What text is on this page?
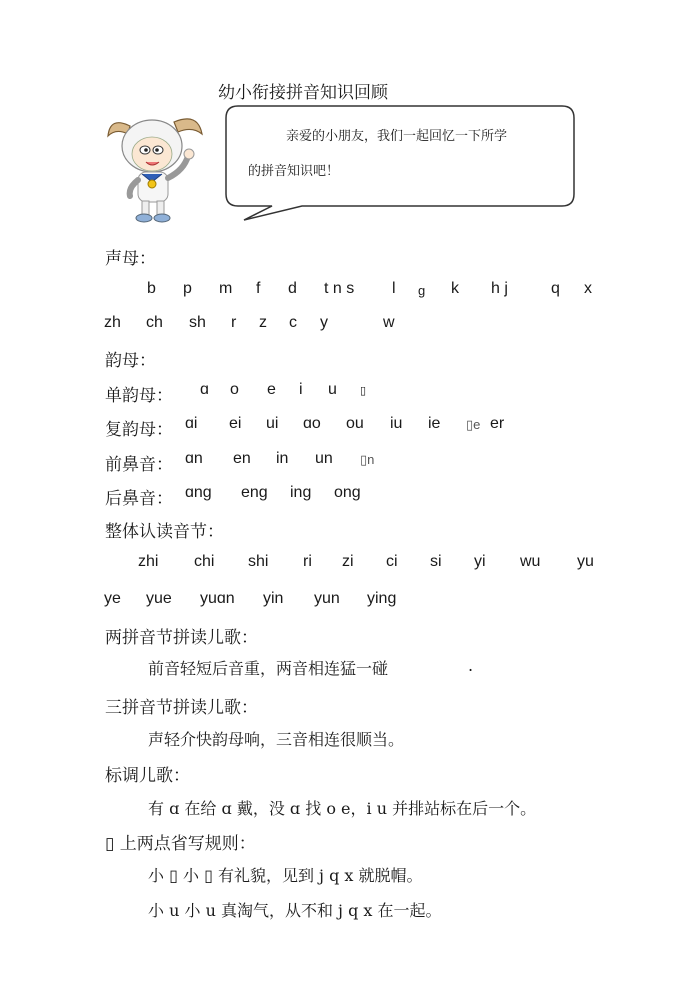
幼小衔接拼音知识回顾
亲爱的小朋友，我们一起回忆一下所学
的拼音知识吧！
声母：
b p m f d t n s l g k h j	q x
zh ch sh r z c y	w
韵母：
单韵母： ɑ o e i u ▯
复韵母： ɑi ei ui ɑo ou iu ie ▯e er
前鼻音： ɑn en in un ▯n
后鼻音： ɑng eng ing ong
整体认读音节：
zhi chi shi ri zi ci si yi wu yu
ye yue yuɑn yin yun ying
两拼音节拼读儿歌：
前音轻短后音重，两音相连猛一碰	.
三拼音节拼读儿歌：
声轻介快韵母响，三音相连很顺当。
标调儿歌：
有 ɑ 在给 ɑ 戴，没 ɑ 找 o e，i u 并排站标在后一个。
▯ 上两点省写规则：
小 ▯ 小 ▯ 有礼貌，见到 j q x 就脱帽。
小 u 小 u 真淘气，从不和 j q x 在一起。
